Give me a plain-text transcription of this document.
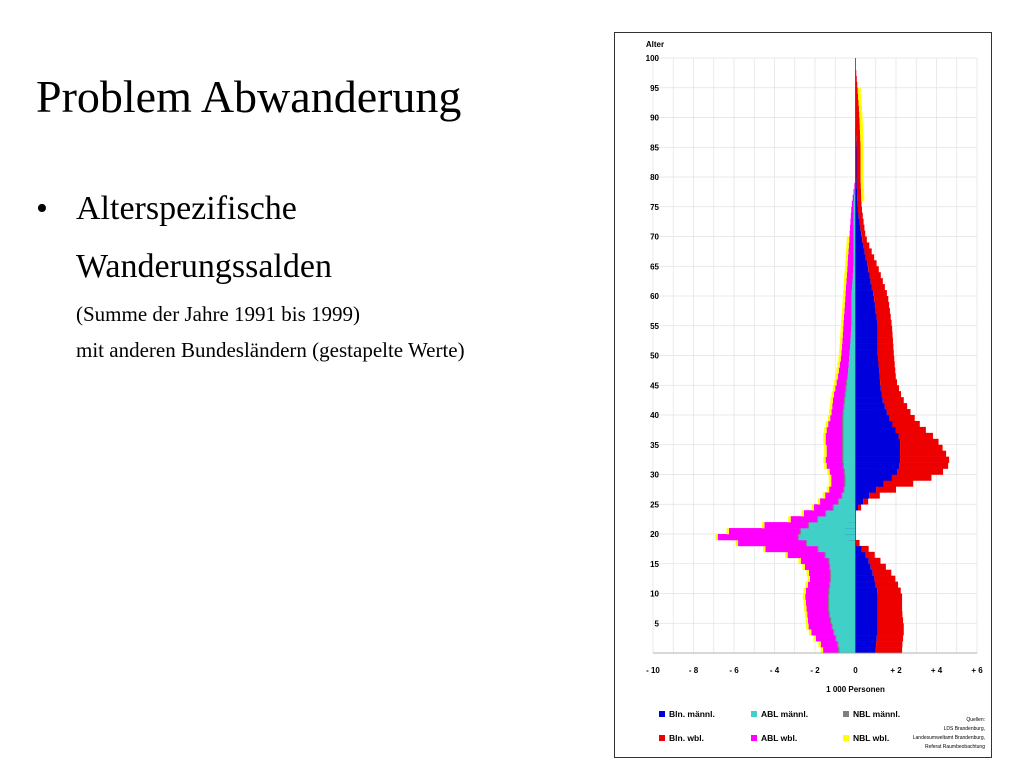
Problem Abwanderung
• Alterspezifische
Wanderungssalden
(Summe der Jahre 1991 bis 1999)
mit anderen Bundesländern (gestapelte Werte)
Alter
100
95
90
85
80
75
70
65
60
55
50
45
40
35
30
25
20
15
10
5
- 10	- 8	- 6	- 4	- 2	0	+ 2	+ 4	+ 6
1 000 Personen
Bln. männl.	ABL männl.	NBL männl.
Bln. wbl.	ABL wbl.	NBL wbl.
Quellen:
LDS Brandenburg,
Landesumweltamt Brandenburg,
Referat Raumbeobachtung
